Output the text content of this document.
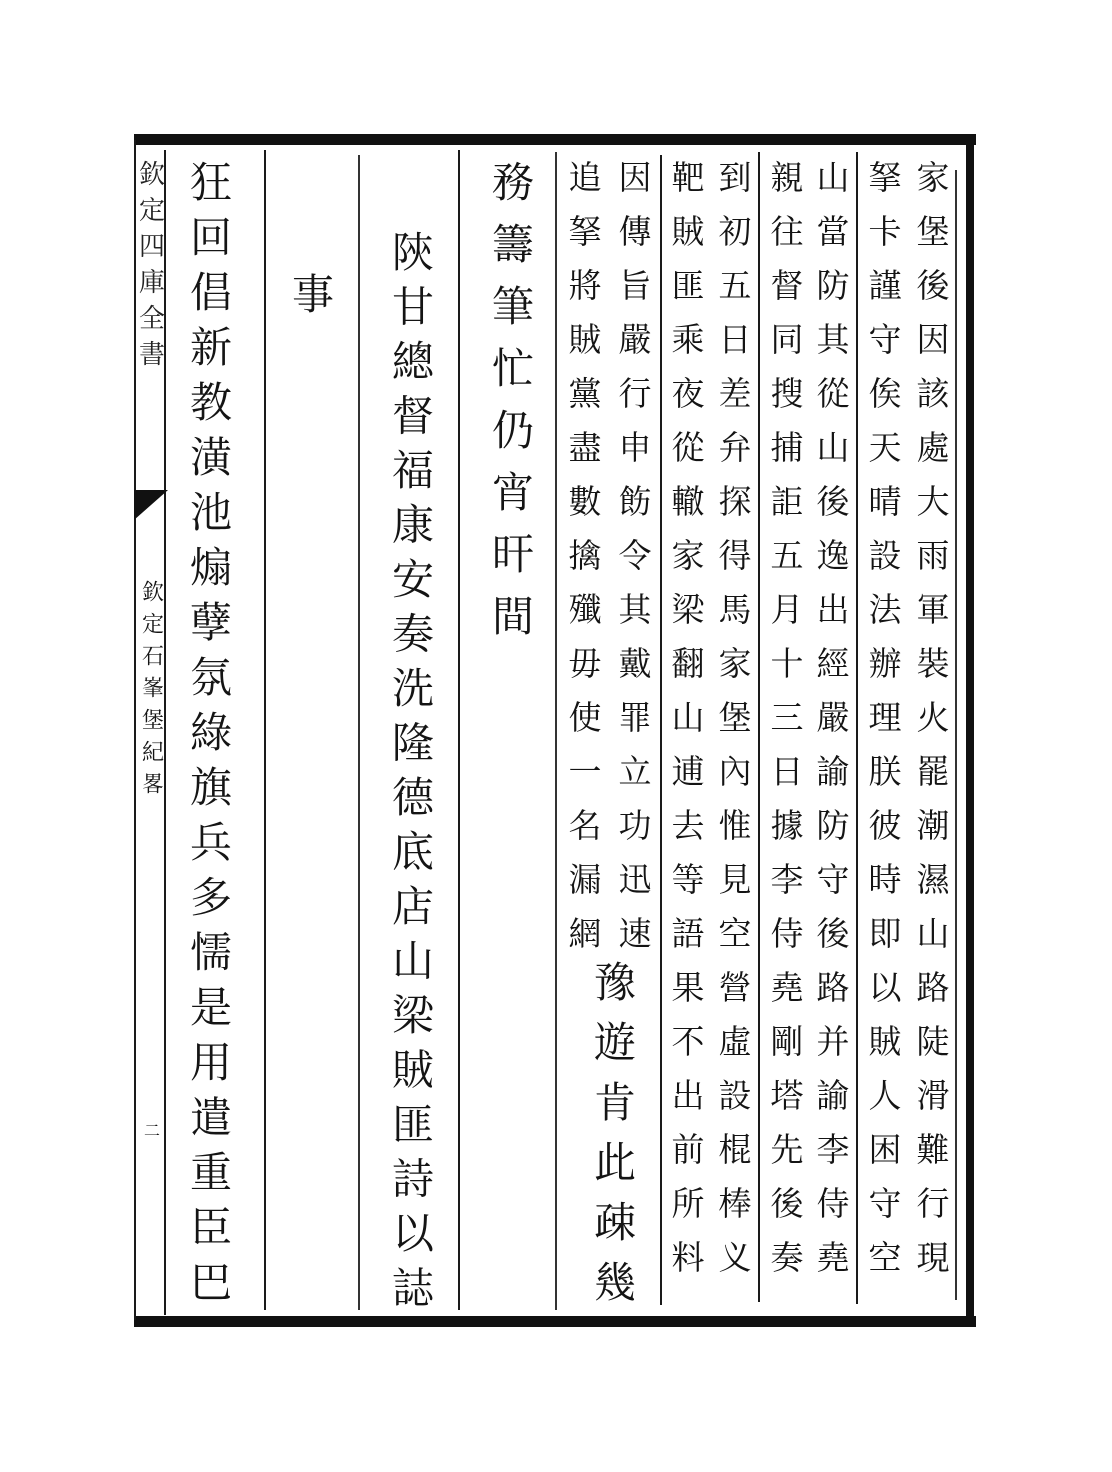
欽定四庫全書
欽定石峯堡紀畧
二	家堡後因該處大雨軍裝火罷潮濕山路陡滑難行現
拏卡謹守俟天晴設法辦理朕彼時即以賊人困守空
山當防其從山後逸出經嚴諭防守後路并諭李侍堯
親往督同搜捕詎五月十三日據李侍堯剛塔先後奏
到初五日差弁探得馬家堡內惟見空營虛設棍棒义
靶賊匪乘夜從轍家梁翻山逋去等語果不出前所料
因傳旨嚴行申飭令其戴罪立功迅速
追拏將賊黨盡數擒殲毋使一名漏網
豫遊肯此疎幾
務籌筆忙仍宵旰間
陝甘總督福康安奏洗隆德底店山梁賊匪詩以誌
事
狂回倡新教潢池煽孽氛綠旗兵多懦是用遣重臣巴
